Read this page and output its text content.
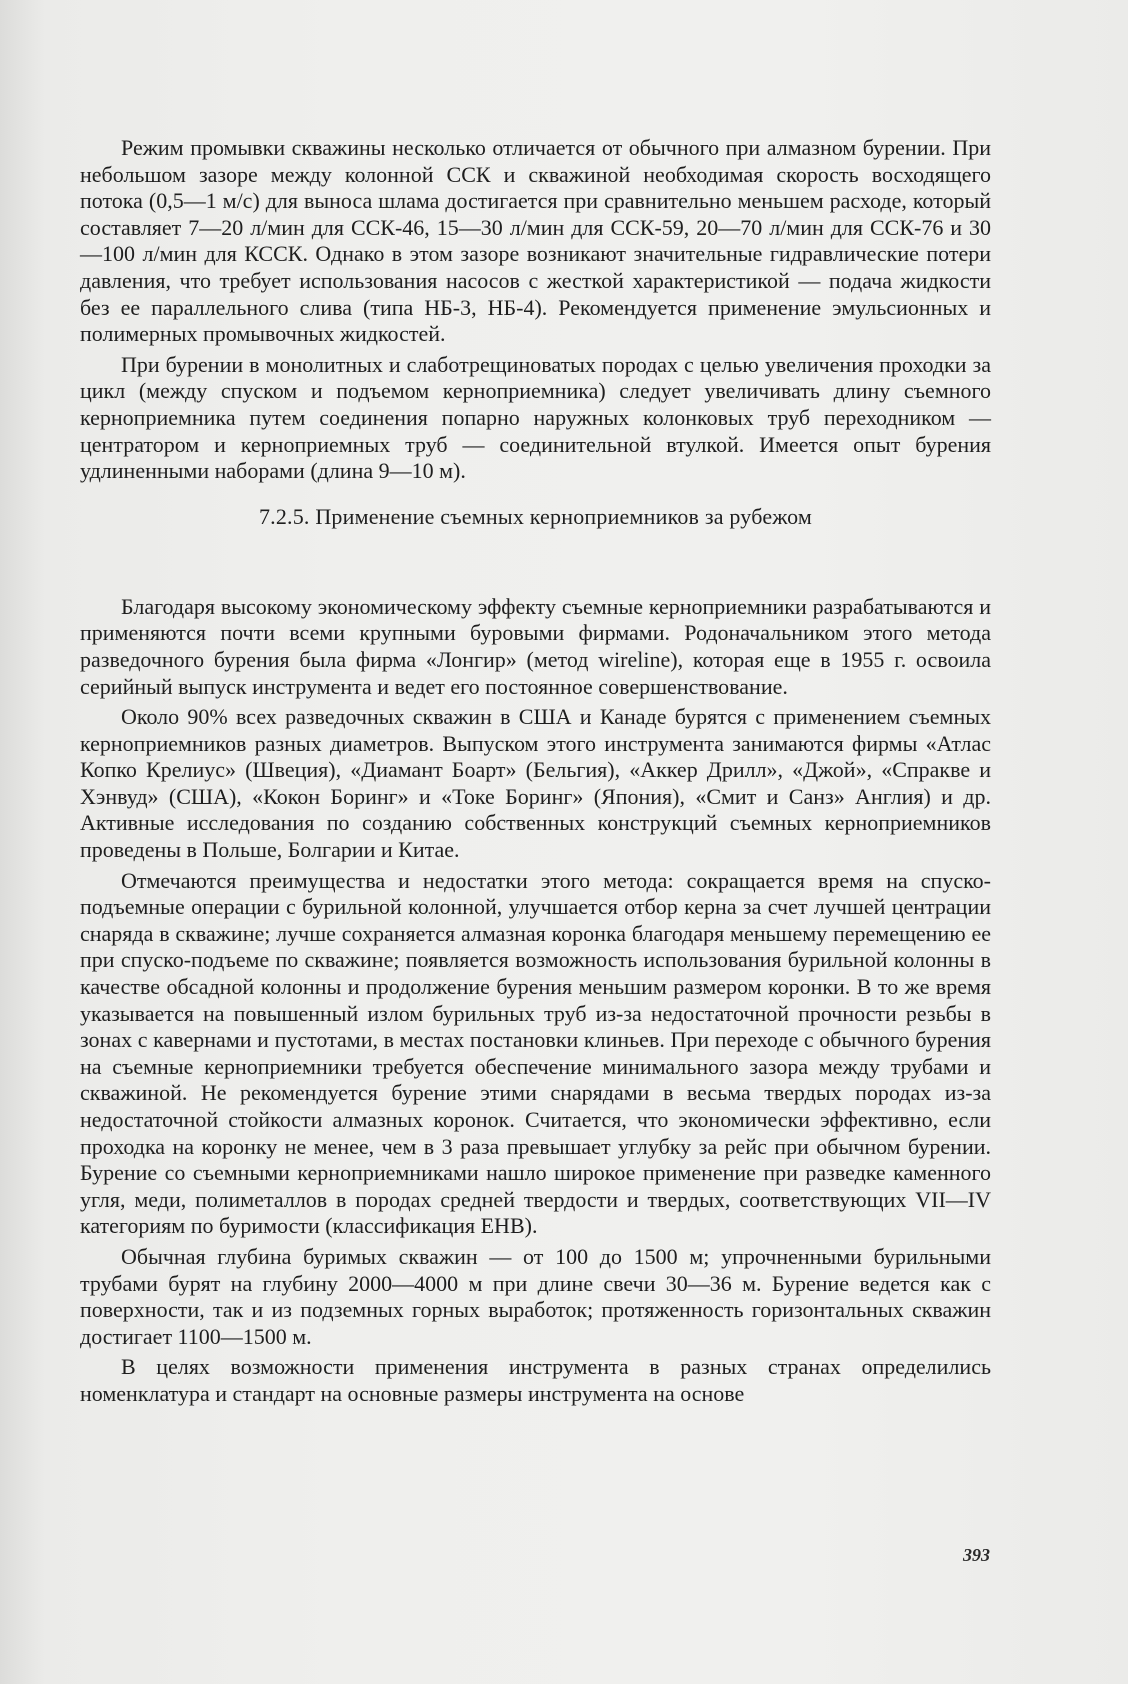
Режим промывки скважины несколько отличается от обычного при алмазном бурении. При небольшом зазоре между колонной ССК и скважиной необходимая скорость восходящего потока (0,5—1 м/с) для выноса шлама достигается при сравнительно меньшем расходе, который составляет 7—20 л/мин для ССК-46, 15—30 л/мин для ССК-59, 20—70 л/мин для ССК-76 и 30—100 л/мин для КССК. Однако в этом зазоре возникают значительные гидравлические потери давления, что требует использования насосов с жесткой характеристикой — подача жидкости без ее параллельного слива (типа НБ-3, НБ-4). Рекомендуется применение эмульсионных и полимерных промывочных жидкостей.

При бурении в монолитных и слаботрещиноватых породах с целью увеличения проходки за цикл (между спуском и подъемом керноприемника) следует увеличивать длину съемного керноприемника путем соединения попарно наружных колонковых труб переходником — центратором и керноприемных труб — соединительной втулкой. Имеется опыт бурения удлиненными наборами (длина 9—10 м).

7.2.5. Применение съемных керноприемников за рубежом

Благодаря высокому экономическому эффекту съемные керноприемники разрабатываются и применяются почти всеми крупными буровыми фирмами. Родоначальником этого метода разведочного бурения была фирма «Лонгир» (метод wireline), которая еще в 1955 г. освоила серийный выпуск инструмента и ведет его постоянное совершенствование.

Около 90% всех разведочных скважин в США и Канаде бурятся с применением съемных керноприемников разных диаметров. Выпуском этого инструмента занимаются фирмы «Атлас Копко Крелиус» (Швеция), «Диамант Боарт» (Бельгия), «Аккер Дрилл», «Джой», «Спракве и Хэнвуд» (США), «Кокон Боринг» и «Токе Боринг» (Япония), «Смит и Санз» Англия) и др. Активные исследования по созданию собственных конструкций съемных керноприемников проведены в Польше, Болгарии и Китае.

Отмечаются преимущества и недостатки этого метода: сокращается время на спуско-подъемные операции с бурильной колонной, улучшается отбор керна за счет лучшей центрации снаряда в скважине; лучше сохраняется алмазная коронка благодаря меньшему перемещению ее при спуско-подъеме по скважине; появляется возможность использования бурильной колонны в качестве обсадной колонны и продолжение бурения меньшим размером коронки. В то же время указывается на повышенный излом бурильных труб из-за недостаточной прочности резьбы в зонах с кавернами и пустотами, в местах постановки клиньев. При переходе с обычного бурения на съемные керноприемники требуется обеспечение минимального зазора между трубами и скважиной. Не рекомендуется бурение этими снарядами в весьма твердых породах из-за недостаточной стойкости алмазных коронок. Считается, что экономически эффективно, если проходка на коронку не менее, чем в 3 раза превышает углубку за рейс при обычном бурении. Бурение со съемными керноприемниками нашло широкое применение при разведке каменного угля, меди, полиметаллов в породах средней твердости и твердых, соответствующих VII—IV категориям по буримости (классификация ЕНВ).

Обычная глубина буримых скважин — от 100 до 1500 м; упрочненными бурильными трубами бурят на глубину 2000—4000 м при длине свечи 30—36 м. Бурение ведется как с поверхности, так и из подземных горных выработок; протяженность горизонтальных скважин достигает 1100—1500 м.

В целях возможности применения инструмента в разных странах определились номенклатура и стандарт на основные размеры инструмента на основе

393
